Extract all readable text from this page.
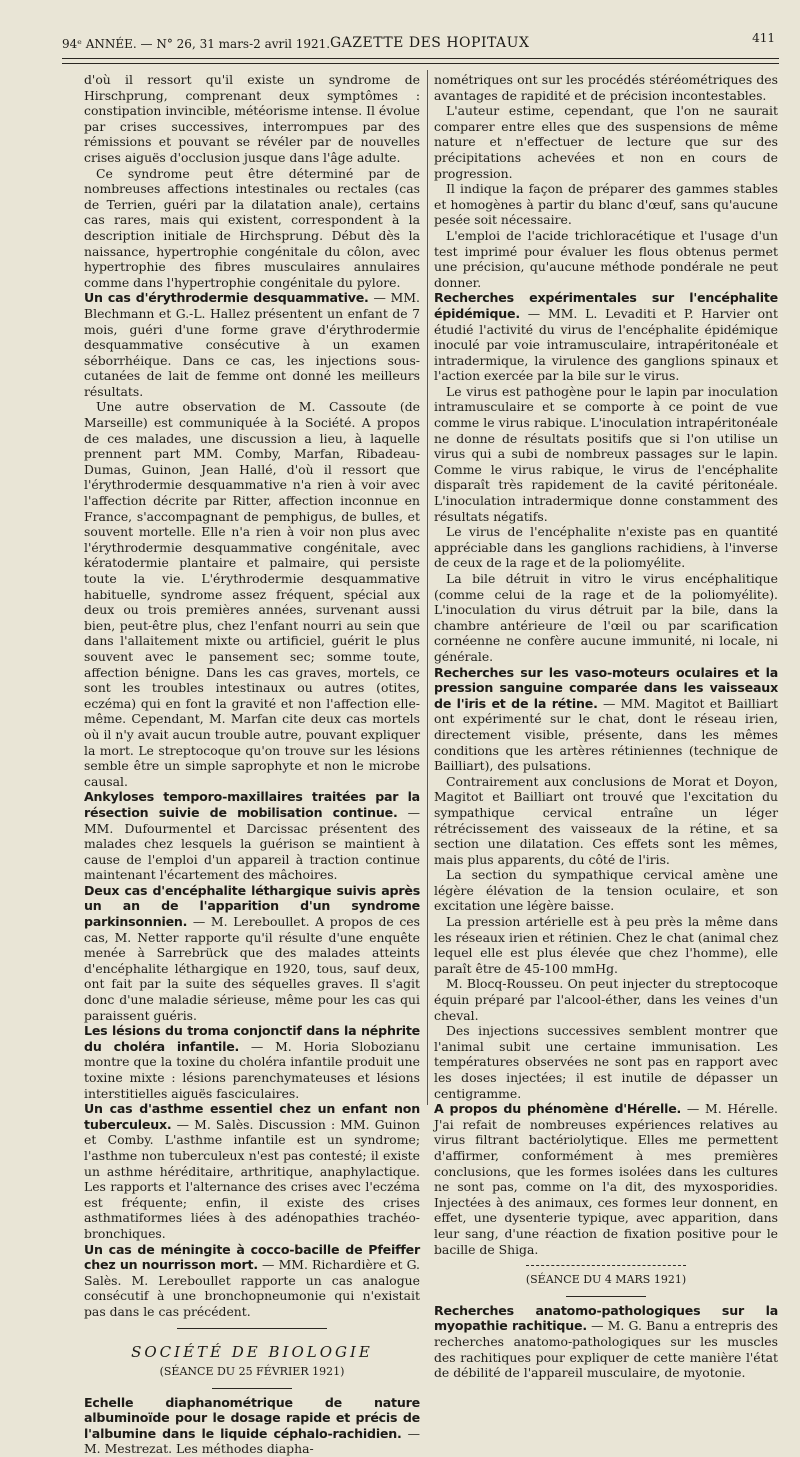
94ᵉ ANNÉE. — N° 26, 31 mars-2 avril 1921. GAZETTE DES HOPITAUX	411

d'où il ressort qu'il existe un syndrome de Hirschprung, comprenant deux symptômes : constipation invincible, météorisme intense. Il évolue par crises successives, interrompues par des rémissions et pouvant se révéler par de nouvelles crises aiguës d'occlusion jusque dans l'âge adulte.

Ce syndrome peut être déterminé par de nombreuses affections intestinales ou rectales (cas de Terrien, guéri par la dilatation anale), certains cas rares, mais qui existent, correspondent à la description initiale de Hirchsprung. Début dès la naissance, hypertrophie congénitale du côlon, avec hypertrophie des fibres musculaires annulaires comme dans l'hypertrophie congénitale du pylore.

Un cas d'érythrodermie desquammative. — MM. Blechmann et G.-L. Hallez présentent un enfant de 7 mois, guéri d'une forme grave d'érythrodermie desquammative consécutive à un examen séborrhéique. Dans ce cas, les injections sous-cutanées de lait de femme ont donné les meilleurs résultats.

Une autre observation de M. Cassoute (de Marseille) est communiquée à la Société. A propos de ces malades, une discussion a lieu, à laquelle prennent part MM. Comby, Marfan, Ribadeau-Dumas, Guinon, Jean Hallé, d'où il ressort que l'érythrodermie desquammative n'a rien à voir avec l'affection décrite par Ritter, affection inconnue en France, s'accompagnant de pemphigus, de bulles, et souvent mortelle. Elle n'a rien à voir non plus avec l'érythrodermie desquammative congénitale, avec kératodermie plantaire et palmaire, qui persiste toute la vie. L'érythrodermie desquammative habituelle, syndrome assez fréquent, spécial aux deux ou trois premières années, survenant aussi bien, peut-être plus, chez l'enfant nourri au sein que dans l'allaitement mixte ou artificiel, guérit le plus souvent avec le pansement sec; somme toute, affection bénigne. Dans les cas graves, mortels, ce sont les troubles intestinaux ou autres (otites, eczéma) qui en font la gravité et non l'affection elle-même. Cependant, M. Marfan cite deux cas mortels où il n'y avait aucun trouble autre, pouvant expliquer la mort. Le streptocoque qu'on trouve sur les lésions semble être un simple saprophyte et non le microbe causal.

Ankyloses temporo-maxillaires traitées par la résection suivie de mobilisation continue. — MM. Dufourmentel et Darcissac présentent des malades chez lesquels la guérison se maintient à cause de l'emploi d'un appareil à traction continue maintenant l'écartement des mâchoires.

Deux cas d'encéphalite léthargique suivis après un an de l'apparition d'un syndrome parkinsonnien. — M. Lereboullet. A propos de ces cas, M. Netter rapporte qu'il résulte d'une enquête menée à Sarrebrück que des malades atteints d'encéphalite léthargique en 1920, tous, sauf deux, ont fait par la suite des séquelles graves. Il s'agit donc d'une maladie sérieuse, même pour les cas qui paraissent guéris.

Les lésions du troma conjonctif dans la néphrite du choléra infantile. — M. Horia Slobozianu montre que la toxine du choléra infantile produit une toxine mixte : lésions parenchymateuses et lésions interstitielles aiguës fasciculaires.

Un cas d'asthme essentiel chez un enfant non tuberculeux. — M. Salès. Discussion : MM. Guinon et Comby. L'asthme infantile est un syndrome; l'asthme non tuberculeux n'est pas contesté; il existe un asthme héréditaire, arthritique, anaphylactique. Les rapports et l'alternance des crises avec l'eczéma est fréquente; enfin, il existe des crises asthmatiformes liées à des adénopathies trachéo-bronchiques.

Un cas de méningite à cocco-bacille de Pfeiffer chez un nourrisson mort. — MM. Richardière et G. Salès. M. Lereboullet rapporte un cas analogue consécutif à une bronchopneumonie qui n'existait pas dans le cas précédent.

SOCIÉTÉ DE BIOLOGIE
(SÉANCE DU 25 FÉVRIER 1921)

Echelle diaphanométrique de nature albuminoïde pour le dosage rapide et précis de l'albumine dans le liquide céphalo-rachidien. — M. Mestrezat. Les méthodes diapha-

nométriques ont sur les procédés stéréométriques des avantages de rapidité et de précision incontestables.

L'auteur estime, cependant, que l'on ne saurait comparer entre elles que des suspensions de même nature et n'effectuer de lecture que sur des précipitations achevées et non en cours de progression.

Il indique la façon de préparer des gammes stables et homogènes à partir du blanc d'œuf, sans qu'aucune pesée soit nécessaire.

L'emploi de l'acide trichloracétique et l'usage d'un test imprimé pour évaluer les flous obtenus permet une précision, qu'aucune méthode pondérale ne peut donner.

Recherches expérimentales sur l'encéphalite épidémique. — MM. L. Levaditi et P. Harvier ont étudié l'activité du virus de l'encéphalite épidémique inoculé par voie intramusculaire, intrapéritonéale et intradermique, la virulence des ganglions spinaux et l'action exercée par la bile sur le virus.

Le virus est pathogène pour le lapin par inoculation intramusculaire et se comporte à ce point de vue comme le virus rabique. L'inoculation intrapéritonéale ne donne de résultats positifs que si l'on utilise un virus qui a subi de nombreux passages sur le lapin. Comme le virus rabique, le virus de l'encéphalite disparaît très rapidement de la cavité péritonéale. L'inoculation intradermique donne constamment des résultats négatifs.

Le virus de l'encéphalite n'existe pas en quantité appréciable dans les ganglions rachidiens, à l'inverse de ceux de la rage et de la poliomyélite.

La bile détruit in vitro le virus encéphalitique (comme celui de la rage et de la poliomyélite). L'inoculation du virus détruit par la bile, dans la chambre antérieure de l'œil ou par scarification cornéenne ne confère aucune immunité, ni locale, ni générale.

Recherches sur les vaso-moteurs oculaires et la pression sanguine comparée dans les vaisseaux de l'iris et de la rétine. — MM. Magitot et Bailliart ont expérimenté sur le chat, dont le réseau irien, directement visible, présente, dans les mêmes conditions que les artères rétiniennes (technique de Bailliart), des pulsations.

Contrairement aux conclusions de Morat et Doyon, Magitot et Bailliart ont trouvé que l'excitation du sympathique cervical entraîne un léger rétrécissement des vaisseaux de la rétine, et sa section une dilatation. Ces effets sont les mêmes, mais plus apparents, du côté de l'iris.

La section du sympathique cervical amène une légère élévation de la tension oculaire, et son excitation une légère baisse.

La pression artérielle est à peu près la même dans les réseaux irien et rétinien. Chez le chat (animal chez lequel elle est plus élevée que chez l'homme), elle paraît être de 45-100 mmHg.

M. Blocq-Rousseu. On peut injecter du streptocoque équin préparé par l'alcool-éther, dans les veines d'un cheval.

Des injections successives semblent montrer que l'animal subit une certaine immunisation. Les températures observées ne sont pas en rapport avec les doses injectées; il est inutile de dépasser un centigramme.

A propos du phénomène d'Hérelle. — M. Hérelle. J'ai refait de nombreuses expériences relatives au virus filtrant bactériolytique. Elles me permettent d'affirmer, conformément à mes premières conclusions, que les formes isolées dans les cultures ne sont pas, comme on l'a dit, des myxosporidies. Injectées à des animaux, ces formes leur donnent, en effet, une dysenterie typique, avec apparition, dans leur sang, d'une réaction de fixation positive pour le bacille de Shiga.

(SÉANCE DU 4 MARS 1921)

Recherches anatomo-pathologiques sur la myopathie rachitique. — M. G. Banu a entrepris des recherches anatomo-pathologiques sur les muscles des rachitiques pour expliquer de cette manière l'état de débilité de l'appareil musculaire, de myotonie.
